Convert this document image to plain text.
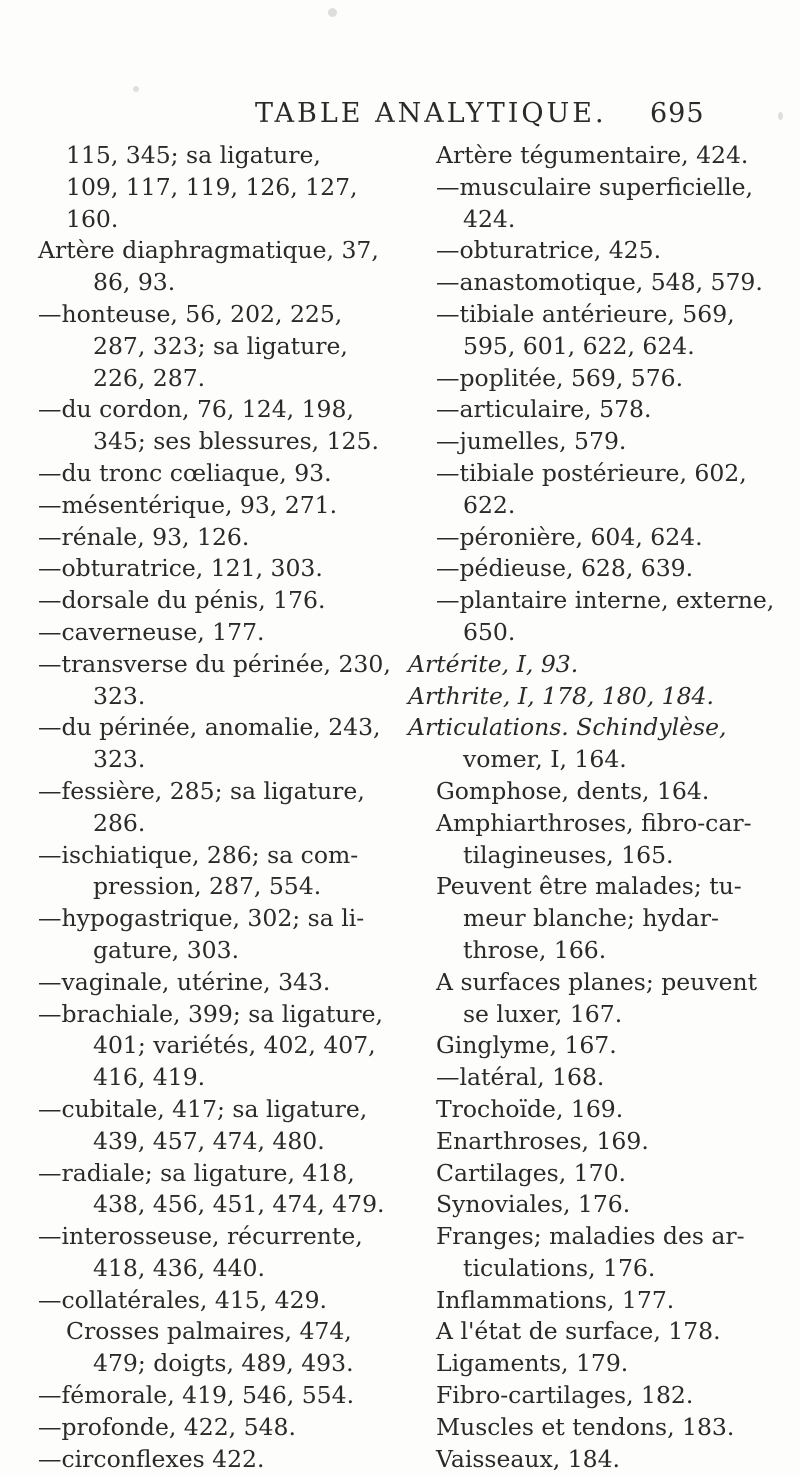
TABLE ANALYTIQUE. 695
115, 345; sa ligature,
109, 117, 119, 126, 127,
160.
Artère diaphragmatique, 37,
86, 93.
—honteuse, 56, 202, 225,
287, 323; sa ligature,
226, 287.
—du cordon, 76, 124, 198,
345; ses blessures, 125.
—du tronc cœliaque, 93.
—mésentérique, 93, 271.
—rénale, 93, 126.
—obturatrice, 121, 303.
—dorsale du pénis, 176.
—caverneuse, 177.
—transverse du périnée, 230,
323.
—du périnée, anomalie, 243,
323.
—fessière, 285; sa ligature,
286.
—ischiatique, 286; sa com-
pression, 287, 554.
—hypogastrique, 302; sa li-
gature, 303.
—vaginale, utérine, 343.
—brachiale, 399; sa ligature,
401; variétés, 402, 407,
416, 419.
—cubitale, 417; sa ligature,
439, 457, 474, 480.
—radiale; sa ligature, 418,
438, 456, 451, 474, 479.
—interosseuse, récurrente,
418, 436, 440.
—collatérales, 415, 429.
Crosses palmaires, 474,
479; doigts, 489, 493.
—fémorale, 419, 546, 554.
—profonde, 422, 548.
—circonflexes 422.
Artère tégumentaire, 424.
—musculaire superficielle,
424.
—obturatrice, 425.
—anastomotique, 548, 579.
—tibiale antérieure, 569,
595, 601, 622, 624.
—poplitée, 569, 576.
—articulaire, 578.
—jumelles, 579.
—tibiale postérieure, 602,
622.
—péronière, 604, 624.
—pédieuse, 628, 639.
—plantaire interne, externe,
650.
Artérite, I, 93.
Arthrite, I, 178, 180, 184.
Articulations. Schindylèse,
vomer, I, 164.
Gomphose, dents, 164.
Amphiarthroses, fibro-car-
tilagineuses, 165.
Peuvent être malades; tu-
meur blanche; hydar-
throse, 166.
A surfaces planes; peuvent
se luxer, 167.
Ginglyme, 167.
—latéral, 168.
Trochoïde, 169.
Enarthroses, 169.
Cartilages, 170.
Synoviales, 176.
Franges; maladies des ar-
ticulations, 176.
Inflammations, 177.
A l'état de surface, 178.
Ligaments, 179.
Fibro-cartilages, 182.
Muscles et tendons, 183.
Vaisseaux, 184.
